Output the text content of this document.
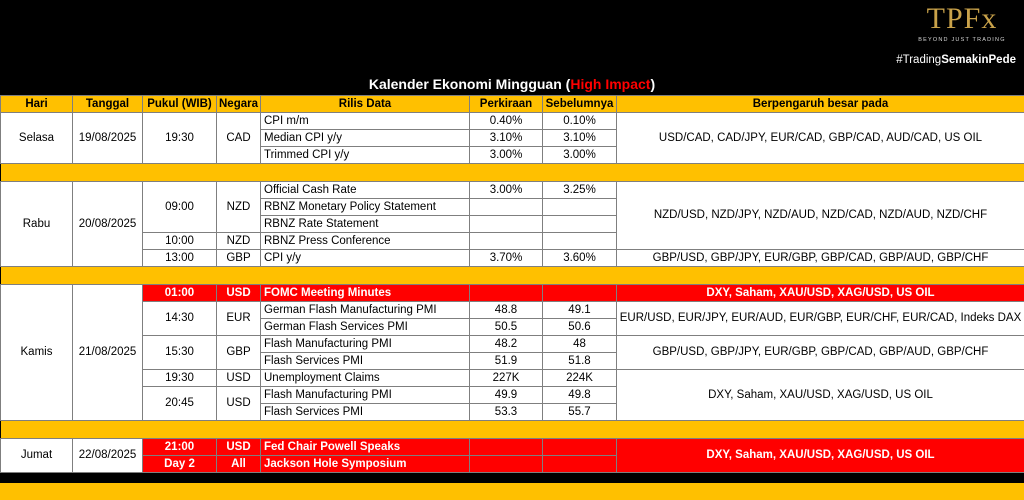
TPFx
BEYOND JUST TRADING
#TradingSemakinPede
Kalender Ekonomi Mingguan (High Impact)
Hari	Tanggal	Pukul (WIB)	Negara	Rilis Data	Perkiraan	Sebelumnya	Berpengaruh besar pada
Selasa	19/08/2025	19:30	CAD	CPI m/m	0.40%	0.10%	USD/CAD, CAD/JPY, EUR/CAD, GBP/CAD, AUD/CAD, US OIL
				Median CPI y/y	3.10%	3.10%	
				Trimmed CPI y/y	3.00%	3.00%	

Rabu	20/08/2025	09:00	NZD	Official Cash Rate	3.00%	3.25%	NZD/USD, NZD/JPY, NZD/AUD, NZD/CAD, NZD/AUD, NZD/CHF
				RBNZ Monetary Policy Statement			
				RBNZ Rate Statement			
		10:00	NZD	RBNZ Press Conference			
		13:00	GBP	CPI y/y	3.70%	3.60%	GBP/USD, GBP/JPY, EUR/GBP, GBP/CAD, GBP/AUD, GBP/CHF

Kamis	21/08/2025	01:00	USD	FOMC Meeting Minutes			DXY, Saham, XAU/USD, XAG/USD, US OIL
		14:30	EUR	German Flash Manufacturing PMI	48.8	49.1	EUR/USD, EUR/JPY, EUR/AUD, EUR/GBP, EUR/CHF, EUR/CAD, Indeks DAX
				German Flash Services PMI	50.5	50.6	
		15:30	GBP	Flash Manufacturing PMI	48.2	48	GBP/USD, GBP/JPY, EUR/GBP, GBP/CAD, GBP/AUD, GBP/CHF
				Flash Services PMI	51.9	51.8	
		19:30	USD	Unemployment Claims	227K	224K	DXY, Saham, XAU/USD, XAG/USD, US OIL
		20:45	USD	Flash Manufacturing PMI	49.9	49.8	
				Flash Services PMI	53.3	55.7	

Jumat	22/08/2025	21:00	USD	Fed Chair Powell Speaks			DXY, Saham, XAU/USD, XAG/USD, US OIL
		Day 2	All	Jackson Hole Symposium			
